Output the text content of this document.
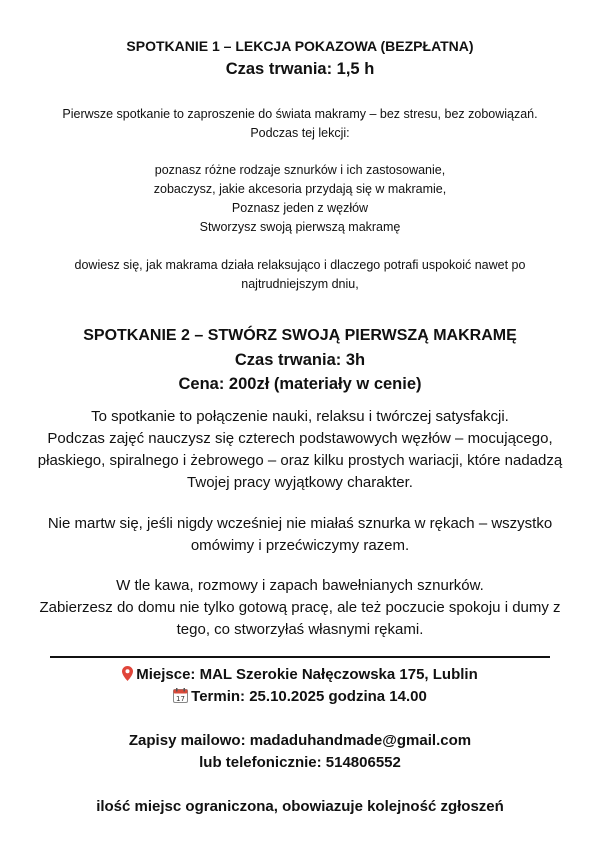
SPOTKANIE 1 – LEKCJA POKAZOWA (BEZPŁATNA)
Czas trwania: 1,5 h
Pierwsze spotkanie to zaproszenie do świata makramy – bez stresu, bez zobowiązań.
Podczas tej lekcji:
poznasz różne rodzaje sznurków i ich zastosowanie,
zobaczysz, jakie akcesoria przydają się w makramie,
Poznasz jeden z węzłów
Stworzysz swoją pierwszą makramę
dowiesz się, jak makrama działa relaksująco i dlaczego potrafi uspokoić nawet po
najtrudniejszym dniu,
SPOTKANIE 2 – STWÓRZ SWOJĄ PIERWSZĄ MAKRAMĘ
Czas trwania: 3h
Cena: 200zł (materiały w cenie)
To spotkanie to połączenie nauki, relaksu i twórczej satysfakcji.
Podczas zajęć nauczysz się czterech podstawowych węzłów – mocującego,
płaskiego, spiralnego i żebrowego – oraz kilku prostych wariacji, które nadadzą
Twojej pracy wyjątkowy charakter.
Nie martw się, jeśli nigdy wcześniej nie miałaś sznurka w rękach – wszystko
omówimy i przećwiczymy razem.
W tle kawa, rozmowy i zapach bawełnianych sznurków.
Zabierzesz do domu nie tylko gotową pracę, ale też poczucie spokoju i dumy z
tego, co stworzyłaś własnymi rękami.
Miejsce: MAL Szerokie Nałęczowska 175, Lublin
17 Termin: 25.10.2025 godzina 14.00
Zapisy mailowo: madaduhandmade@gmail.com
lub telefonicznie: 514806552
ilość miejsc ograniczona, obowiazuje kolejność zgłoszeń
